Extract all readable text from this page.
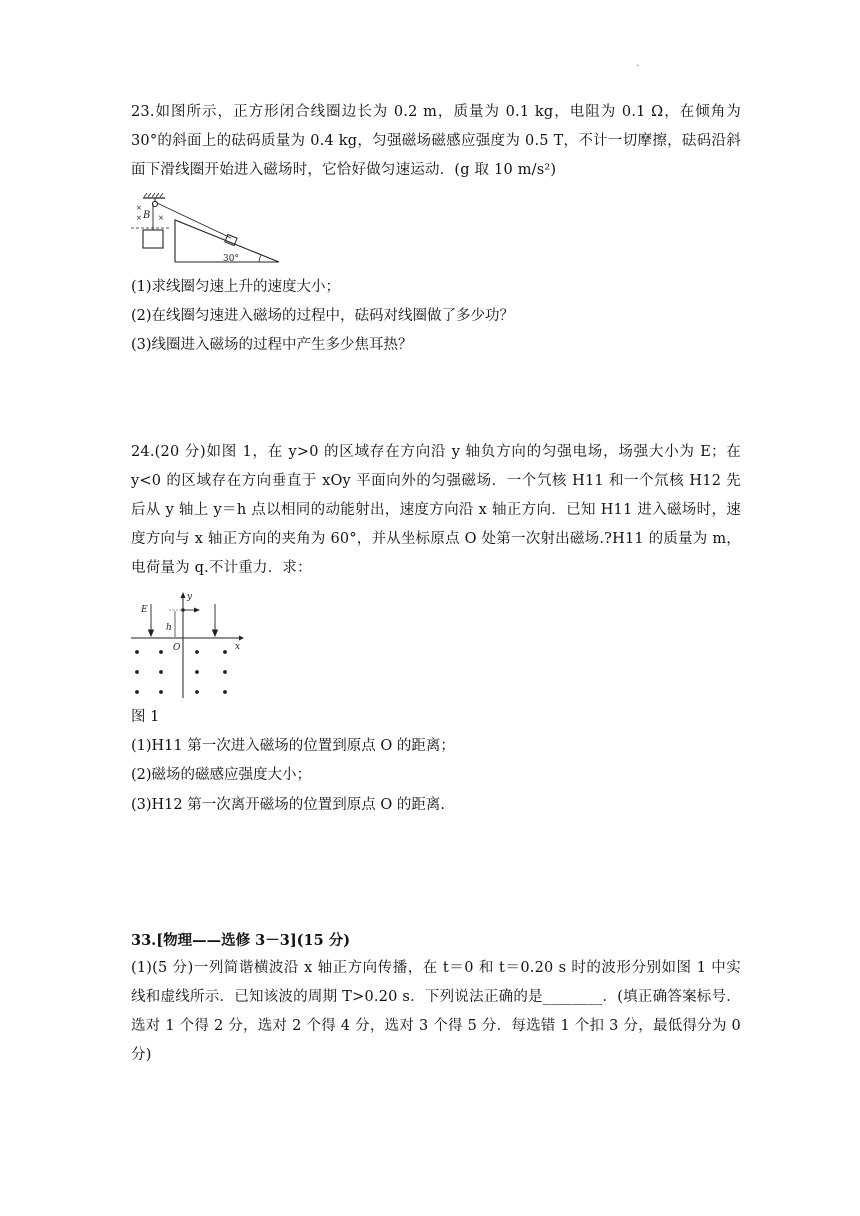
.
23.如图所示，正方形闭合线圈边长为 0.2 m，质量为 0.1 kg，电阻为 0.1 Ω，在倾角为 30°的斜面上的砝码质量为 0.4 kg，匀强磁场磁感应强度为 0.5 T，不计一切摩擦，砝码沿斜面下滑线圈开始进入磁场时，它恰好做匀速运动．(g 取 10 m/s²)
×
× ×
B
30°
(1)求线圈匀速上升的速度大小；
(2)在线圈匀速进入磁场的过程中，砝码对线圈做了多少功？
(3)线圈进入磁场的过程中产生多少焦耳热？
24.(20 分)如图 1，在 y>0 的区域存在方向沿 y 轴负方向的匀强电场，场强大小为 E；在 y<0 的区域存在方向垂直于 xOy 平面向外的匀强磁场．一个氕核 H11 和一个氘核 H12 先后从 y 轴上 y＝h 点以相同的动能射出，速度方向沿 x 轴正方向．已知 H11 进入磁场时，速度方向与 x 轴正方向的夹角为 60°，并从坐标原点 O 处第一次射出磁场.?H11 的质量为 m，电荷量为 q.不计重力．求：
y
x
O
E
h
图 1
(1)H11 第一次进入磁场的位置到原点 O 的距离；
(2)磁场的磁感应强度大小；
(3)H12 第一次离开磁场的位置到原点 O 的距离.
33.[物理——选修 3－3](15 分)
(1)(5 分)一列简谐横波沿 x 轴正方向传播，在 t＝0 和 t＝0.20 s 时的波形分别如图 1 中实线和虚线所示．已知该波的周期 T>0.20 s．下列说法正确的是________．(填正确答案标号．选对 1 个得 2 分，选对 2 个得 4 分，选对 3 个得 5 分．每选错 1 个扣 3 分，最低得分为 0 分)
